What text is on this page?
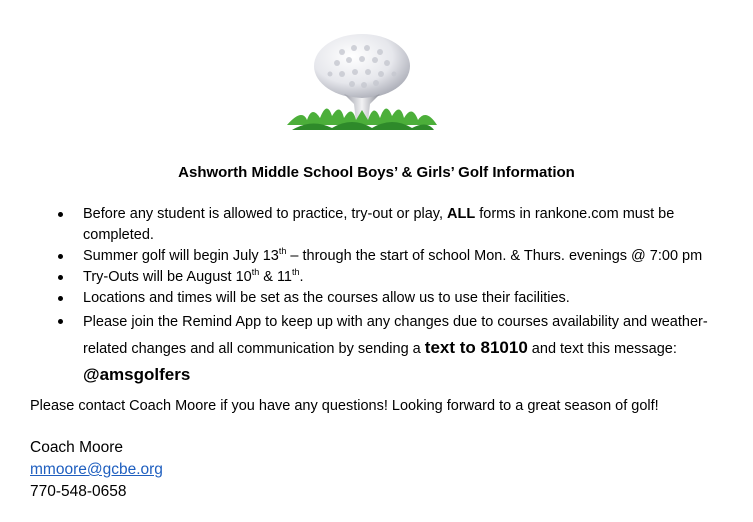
Ashworth Middle School Boys’ & Girls’ Golf Information
Before any student is allowed to practice, try-out or play, ALL forms in rankone.com must be completed.
Summer golf will begin July 13th – through the start of school Mon. & Thurs. evenings @ 7:00 pm
Try-Outs will be August 10th & 11th.
Locations and times will be set as the courses allow us to use their facilities.
Please join the Remind App to keep up with any changes due to courses availability and weather-related changes and all communication by sending a text to 81010 and text this message: @amsgolfers
Please contact Coach Moore if you have any questions! Looking forward to a great season of golf!
Coach Moore
mmoore@gcbe.org
770-548-0658
